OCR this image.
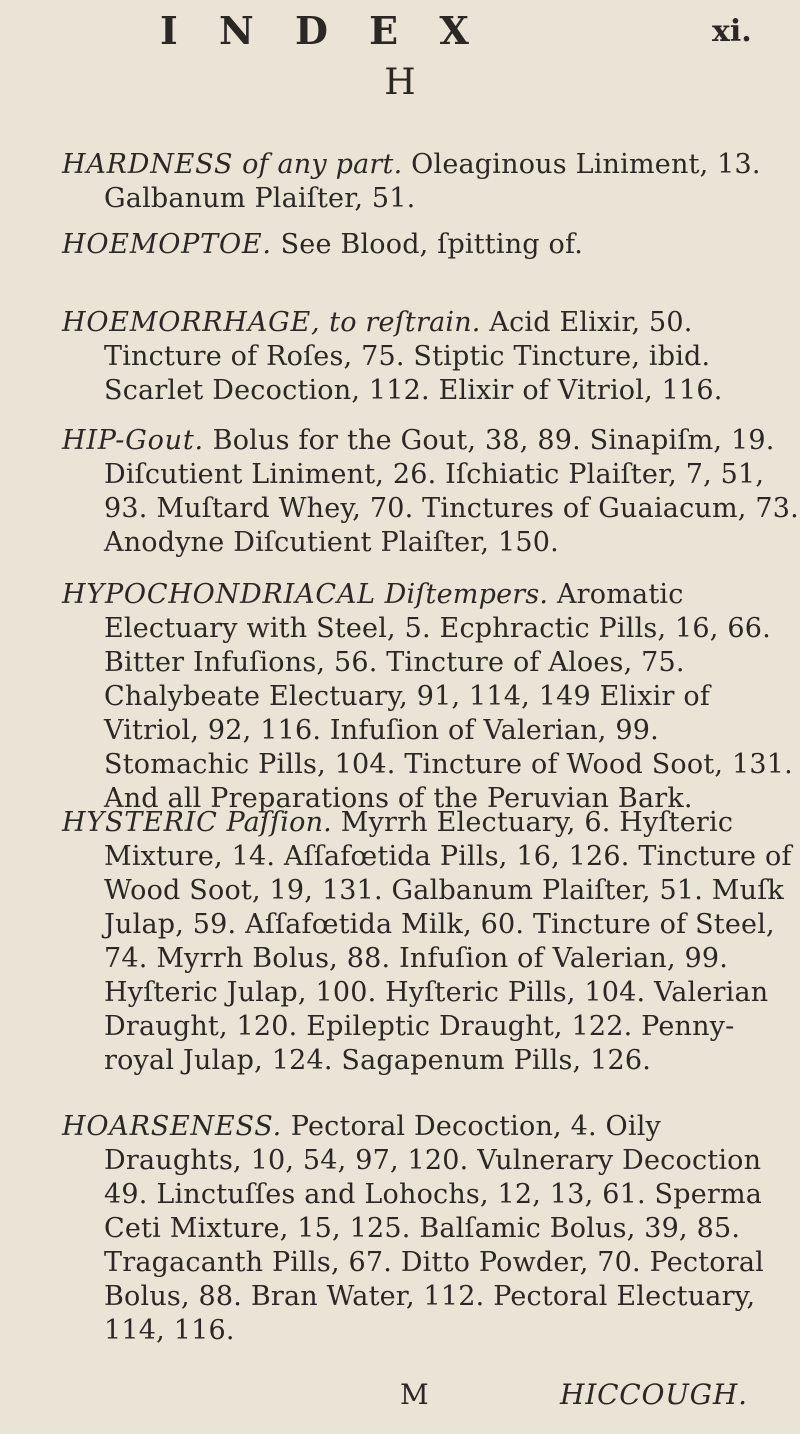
I N D E X	xi.
H
HARDNESS of any part. Oleaginous Liniment, 13. Galbanum Plaiſter, 51.
HOEMOPTOE. See Blood, ſpitting of.
HOEMORRHAGE, to reſtrain. Acid Elixir, 50. Tincture of Roſes, 75. Stiptic Tincture, ibid. Scarlet Decoction, 112. Elixir of Vitriol, 116.
HIP-Gout. Bolus for the Gout, 38, 89. Sinapiſm, 19. Diſcutient Liniment, 26. Iſchiatic Plaiſter, 7, 51, 93. Muſtard Whey, 70. Tinctures of Guaiacum, 73. Anodyne Diſcutient Plaiſter, 150.
HYPOCHONDRIACAL Diſtempers. Aromatic Electuary with Steel, 5. Ecphractic Pills, 16, 66. Bitter Infuſions, 56. Tincture of Aloes, 75. Chalybeate Electuary, 91, 114, 149 Elixir of Vitriol, 92, 116. Infuſion of Valerian, 99. Stomachic Pills, 104. Tincture of Wood Soot, 131. And all Preparations of the Peruvian Bark.
HYSTERIC Paſſion. Myrrh Electuary, 6. Hyſteric Mixture, 14. Aſſafœtida Pills, 16, 126. Tincture of Wood Soot, 19, 131. Galbanum Plaiſter, 51. Muſk Julap, 59. Aſſafœtida Milk, 60. Tincture of Steel, 74. Myrrh Bolus, 88. Infuſion of Valerian, 99. Hyſteric Julap, 100. Hyſteric Pills, 104. Valerian Draught, 120. Epileptic Draught, 122. Penny-royal Julap, 124. Sagapenum Pills, 126.
HOARSENESS. Pectoral Decoction, 4. Oily Draughts, 10, 54, 97, 120. Vulnerary Decoction 49. Linctuſſes and Lohochs, 12, 13, 61. Sperma Ceti Mixture, 15, 125. Balſamic Bolus, 39, 85. Tragacanth Pills, 67. Ditto Powder, 70. Pectoral Bolus, 88. Bran Water, 112. Pectoral Electuary, 114, 116.
M	HICCOUGH.
